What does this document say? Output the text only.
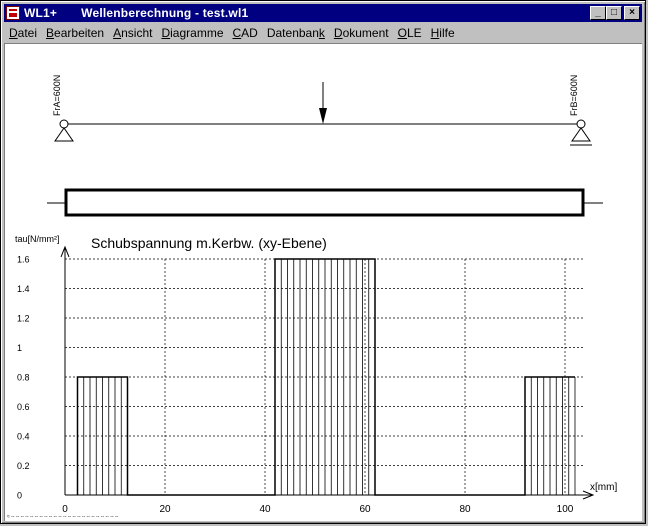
WL1+ Wellenberechnung - test.wl1	_	□	×
Datei Bearbeiten Ansicht Diagramme CAD Datenbank Dokument OLE Hilfe
FrA=600N	FrB=600N
0
0.2
0.4
0.6
0.8
1
1.2
1.4
1.6
0	20	40	60	80	100
tau[N/mm²]
x[mm]
Schubspannung m.Kerbw. (xy-Ebene)
≈ -- -- -- -- -- -- -- -- -- -- -- -- -- -- -- -- -- -- -- -- -- -- --
